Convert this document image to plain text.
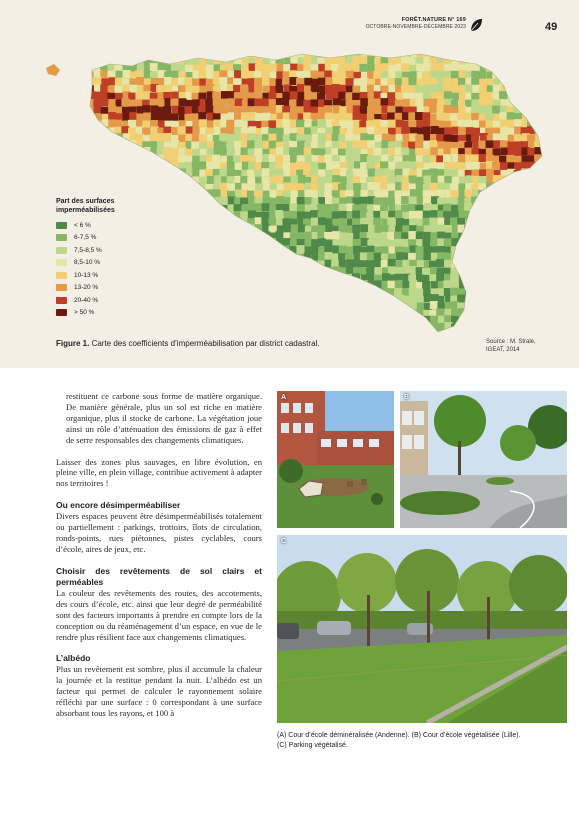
FORÊT.NATURE N° 169
OCTOBRE-NOVEMBRE-DÉCEMBRE 2023	49
Part des surfaces imperméabilisées
< 6 %
6-7,5 %
7,5-8,5 %
8,5-10 %
10-13 %
13-20 %
20-40 %
> 50 %
Figure 1. Carte des coefficients d’imperméabilisation par district cadastral.	Source : M. Strale,
IGEAT, 2014

restituent ce carbone sous forme de matière organique. De manière générale, plus un sol est riche en matière organique, plus il stocke de carbone. La végétation joue ainsi un rôle d’atténuation des émissions de gaz à effet de serre responsables des changements climatiques.

Laisser des zones plus sauvages, en libre évolution, en pleine ville, en plein village, contribue activement à adapter nos territoires !

Ou encore désimperméabiliser

Divers espaces peuvent être désimperméabilisés totalement ou partiellement : parkings, trottoirs, îlots de circulation, ronds-points, rues piétonnes, pistes cyclables, cours d’école, aires de jeux, etc.

Choisir des revêtements de sol clairs et perméables

La couleur des revêtements des routes, des accotements, des cours d’école, etc. ainsi que leur degré de perméabilité sont des facteurs importants à prendre en compte lors de la conception ou du réaménagement d’un espace, en vue de le rendre plus résilient face aux changements climatiques.

L’albédo

Plus un revêtement est sombre, plus il accumule la chaleur la journée et la restitue pendant la nuit. L’albédo est un facteur qui permet de calculer le rayonnement solaire réfléchi par une surface : 0 correspondant à une surface absorbant tous les rayons, et 100 à

A	B
C
(A) Cour d’école déminéralisée (Andenne). (B) Cour d’école végétalisée (Lille).
(C) Parking végétalisé.
